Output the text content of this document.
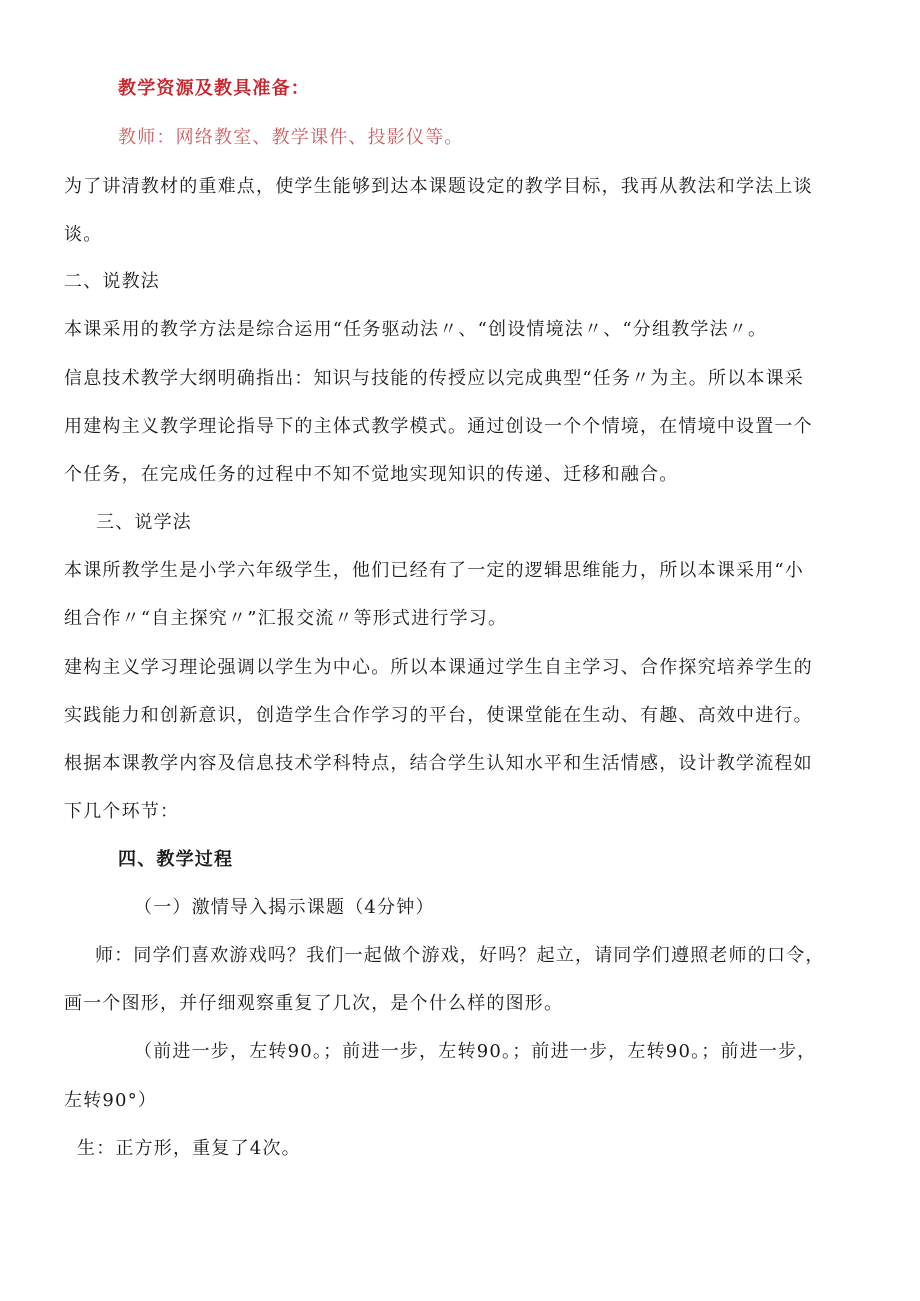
教学资源及教具准备：
教师：网络教室、教学课件、投影仪等。
为了讲清教材的重难点，使学生能够到达本课题设定的教学目标，我再从教法和学法上谈
谈。
二、说教法
本课采用的教学方法是综合运用“任务驱动法〃、“创设情境法〃、“分组教学法〃。
信息技术教学大纲明确指出：知识与技能的传授应以完成典型“任务〃为主。所以本课采
用建构主义教学理论指导下的主体式教学模式。通过创设一个个情境，在情境中设置一个
个任务，在完成任务的过程中不知不觉地实现知识的传递、迁移和融合。
三、说学法
本课所教学生是小学六年级学生，他们已经有了一定的逻辑思维能力，所以本课采用“小
组合作〃“自主探究〃”汇报交流〃等形式进行学习。
建构主义学习理论强调以学生为中心。所以本课通过学生自主学习、合作探究培养学生的
实践能力和创新意识，创造学生合作学习的平台，使课堂能在生动、有趣、高效中进行。
根据本课教学内容及信息技术学科特点，结合学生认知水平和生活情感，设计教学流程如
下几个环节：
四、教学过程
（一）激情导入揭示课题（4分钟）
师：同学们喜欢游戏吗？我们一起做个游戏，好吗？起立，请同学们遵照老师的口令，
画一个图形，并仔细观察重复了几次，是个什么样的图形。
（前进一步，左转90。；前进一步，左转90。；前进一步，左转90。；前进一步，
左转90°）
生：正方形，重复了4次。
